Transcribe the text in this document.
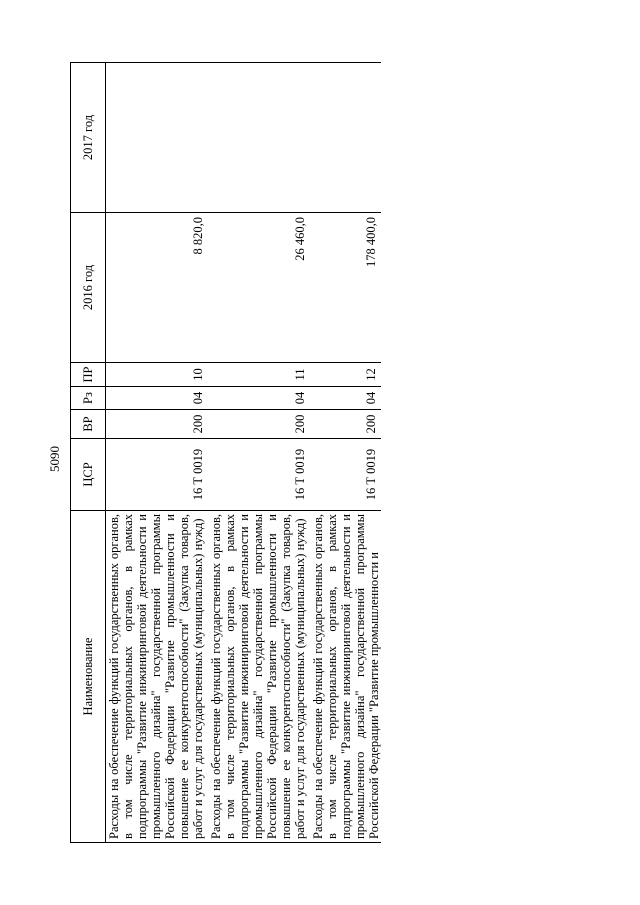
5090
Наименование	ЦСР	ВР	Рз	ПР	2016 год	2017 год
Расходы на обеспечение функций государственных органов, в том числе территориальных органов, в рамках подпрограммы "Развитие инжиниринговой деятельности и промышленного дизайна" государственной программы Российской Федерации "Развитие промышленности и повышение ее конкурентоспособности" (Закупка товаров, работ и услуг для государственных (муниципальных) нужд)	16 Т 0019	200	04	10	8 820,0	
Расходы на обеспечение функций государственных органов, в том числе территориальных органов, в рамках подпрограммы "Развитие инжиниринговой деятельности и промышленного дизайна" государственной программы Российской Федерации "Развитие промышленности и повышение ее конкурентоспособности" (Закупка товаров, работ и услуг для государственных (муниципальных) нужд)	16 Т 0019	200	04	11	26 460,0	
Расходы на обеспечение функций государственных органов, в том числе территориальных органов, в рамках подпрограммы "Развитие инжиниринговой деятельности и промышленного дизайна" государственной программы Российской Федерации "Развитие промышленности и	16 Т 0019	200	04	12	178 400,0	
